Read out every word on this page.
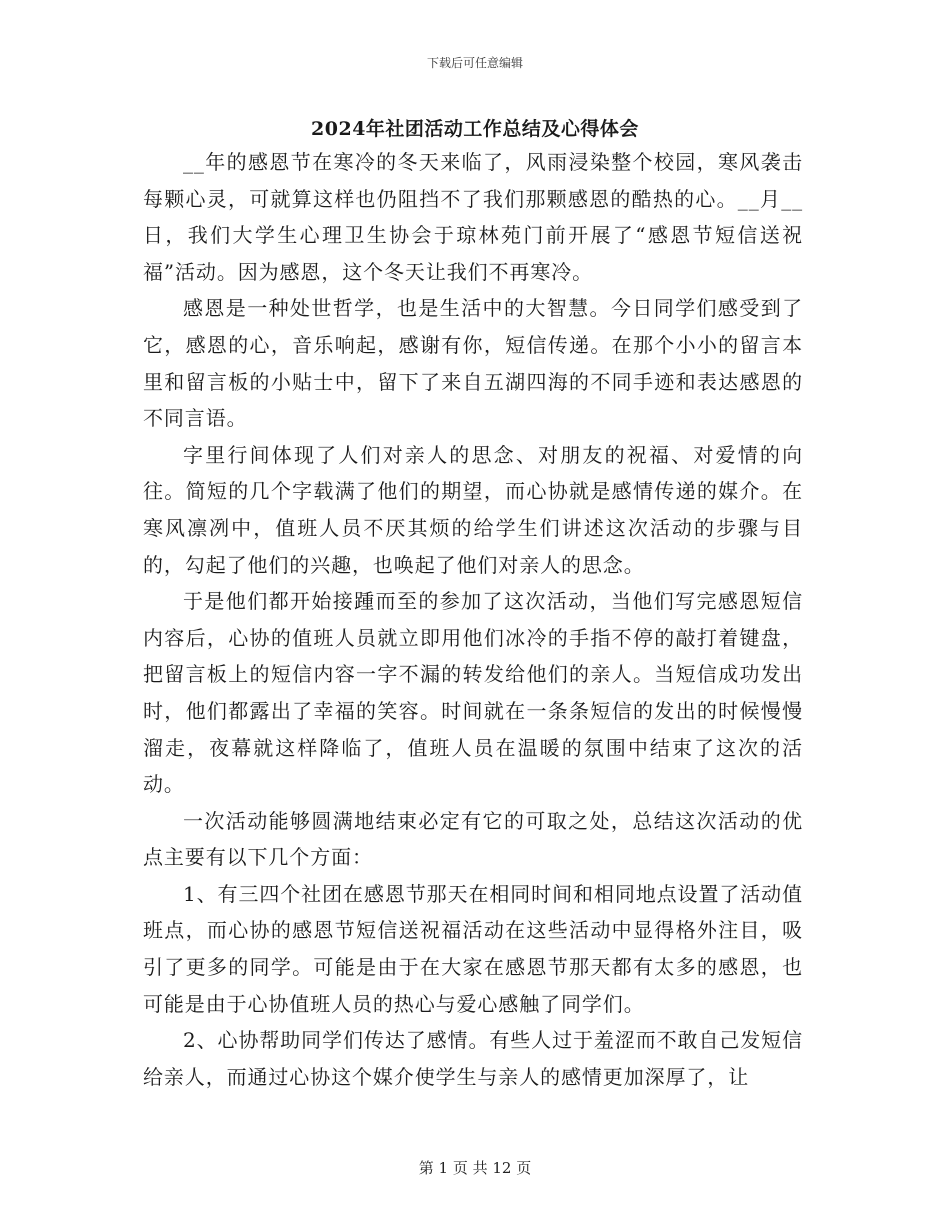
下载后可任意编辑
2024年社团活动工作总结及心得体会

__年的感恩节在寒冷的冬天来临了，风雨浸染整个校园，寒风袭击每颗心灵，可就算这样也仍阻挡不了我们那颗感恩的酷热的心。__月__日，我们大学生心理卫生协会于琼林苑门前开展了“感恩节短信送祝福”活动。因为感恩，这个冬天让我们不再寒冷。

感恩是一种处世哲学，也是生活中的大智慧。今日同学们感受到了它，感恩的心，音乐响起，感谢有你，短信传递。在那个小小的留言本里和留言板的小贴士中，留下了来自五湖四海的不同手迹和表达感恩的不同言语。

字里行间体现了人们对亲人的思念、对朋友的祝福、对爱情的向往。简短的几个字载满了他们的期望，而心协就是感情传递的媒介。在寒风凛冽中，值班人员不厌其烦的给学生们讲述这次活动的步骤与目的，勾起了他们的兴趣，也唤起了他们对亲人的思念。

于是他们都开始接踵而至的参加了这次活动，当他们写完感恩短信内容后，心协的值班人员就立即用他们冰冷的手指不停的敲打着键盘，把留言板上的短信内容一字不漏的转发给他们的亲人。当短信成功发出时，他们都露出了幸福的笑容。时间就在一条条短信的发出的时候慢慢溜走，夜幕就这样降临了，值班人员在温暖的氛围中结束了这次的活动。

一次活动能够圆满地结束必定有它的可取之处，总结这次活动的优点主要有以下几个方面：

1、有三四个社团在感恩节那天在相同时间和相同地点设置了活动值班点，而心协的感恩节短信送祝福活动在这些活动中显得格外注目，吸引了更多的同学。可能是由于在大家在感恩节那天都有太多的感恩，也可能是由于心协值班人员的热心与爱心感触了同学们。

2、心协帮助同学们传达了感情。有些人过于羞涩而不敢自己发短信给亲人，而通过心协这个媒介使学生与亲人的感情更加深厚了，让

第 1 页 共 12 页
